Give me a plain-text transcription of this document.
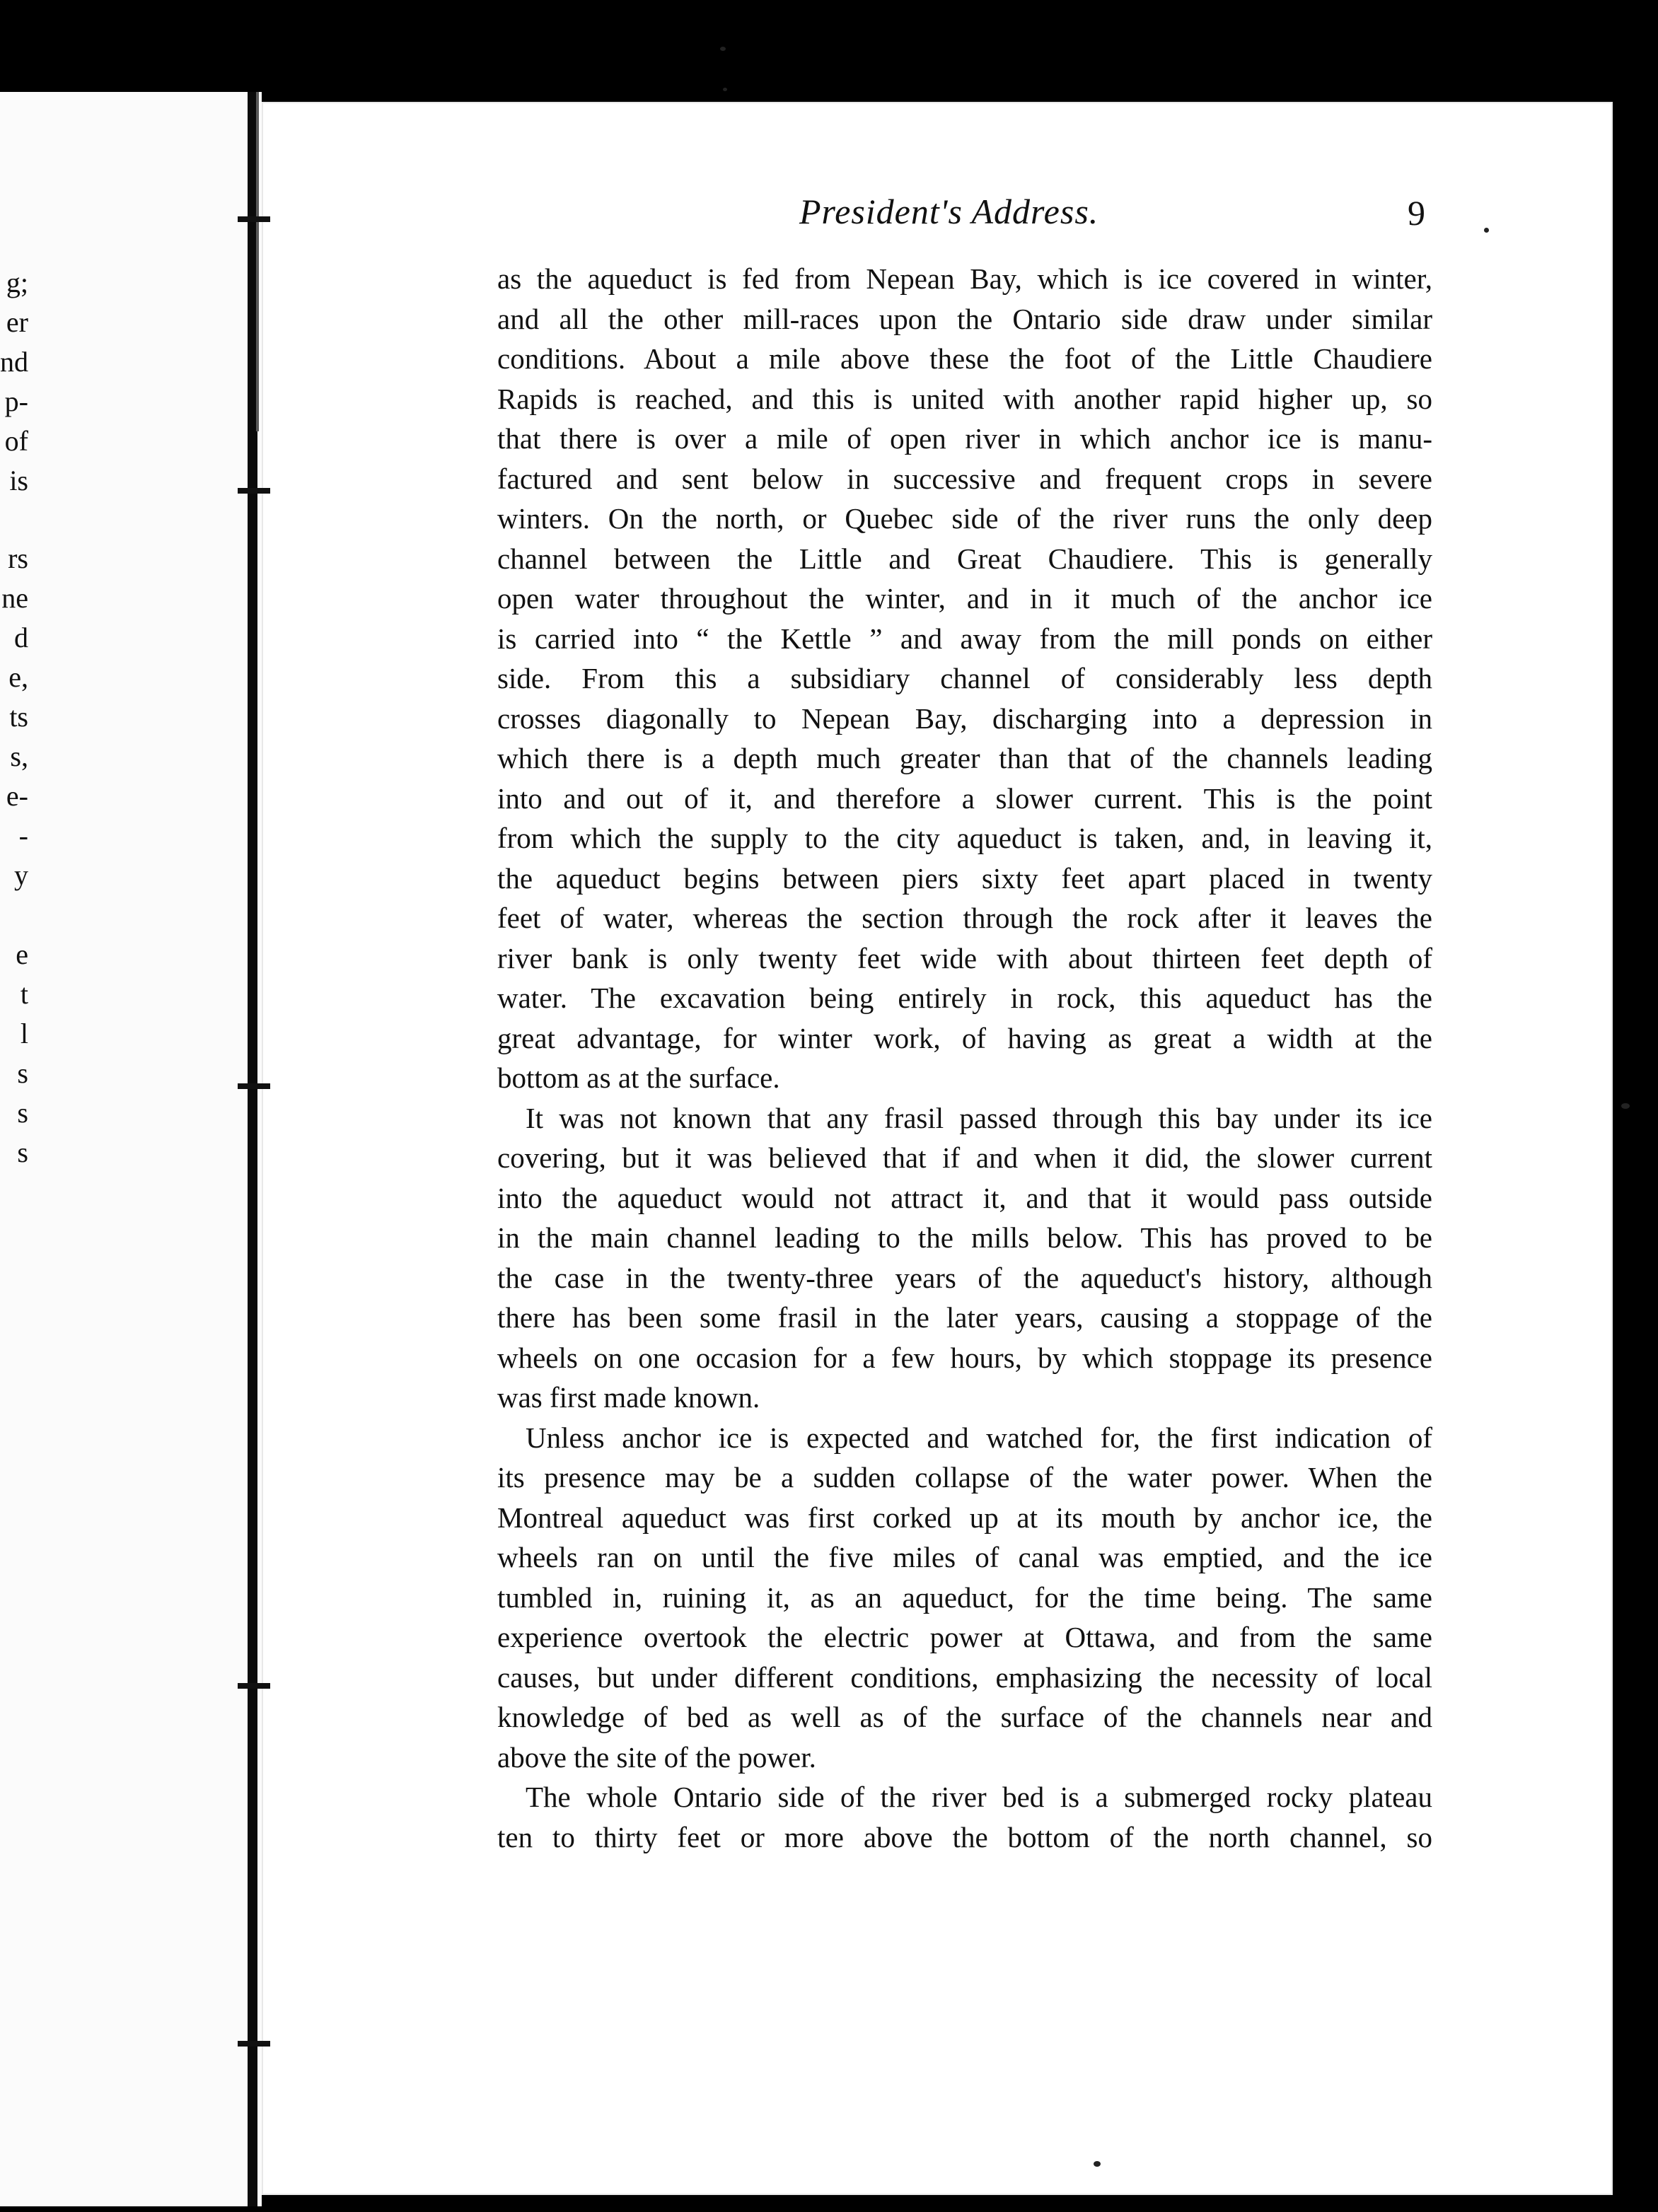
g;
er
nd
p-
of
is
rs
ne
d
e,
ts
s,
e-
-
y
e
t
l
s
s
s
President's Address.	9

as the aqueduct is fed from Nepean Bay, which is ice covered in winter,
and all the other mill-races upon the Ontario side draw under similar
conditions. About a mile above these the foot of the Little Chaudiere
Rapids is reached, and this is united with another rapid higher up, so
that there is over a mile of open river in which anchor ice is manu-
factured and sent below in successive and frequent crops in severe
winters. On the north, or Quebec side of the river runs the only deep
channel between the Little and Great Chaudiere. This is generally
open water throughout the winter, and in it much of the anchor ice
is carried into “ the Kettle ” and away from the mill ponds on either
side. From this a subsidiary channel of considerably less depth
crosses diagonally to Nepean Bay, discharging into a depression in
which there is a depth much greater than that of the channels leading
into and out of it, and therefore a slower current. This is the point
from which the supply to the city aqueduct is taken, and, in leaving it,
the aqueduct begins between piers sixty feet apart placed in twenty
feet of water, whereas the section through the rock after it leaves the
river bank is only twenty feet wide with about thirteen feet depth of
water. The excavation being entirely in rock, this aqueduct has the
great advantage, for winter work, of having as great a width at the
bottom as at the surface.

It was not known that any frasil passed through this bay under its ice
covering, but it was believed that if and when it did, the slower current
into the aqueduct would not attract it, and that it would pass outside
in the main channel leading to the mills below. This has proved to be
the case in the twenty-three years of the aqueduct's history, although
there has been some frasil in the later years, causing a stoppage of the
wheels on one occasion for a few hours, by which stoppage its presence
was first made known.

Unless anchor ice is expected and watched for, the first indication of
its presence may be a sudden collapse of the water power. When the
Montreal aqueduct was first corked up at its mouth by anchor ice, the
wheels ran on until the five miles of canal was emptied, and the ice
tumbled in, ruining it, as an aqueduct, for the time being. The same
experience overtook the electric power at Ottawa, and from the same
causes, but under different conditions, emphasizing the necessity of local
knowledge of bed as well as of the surface of the channels near and
above the site of the power.

The whole Ontario side of the river bed is a submerged rocky plateau
ten to thirty feet or more above the bottom of the north channel, so
